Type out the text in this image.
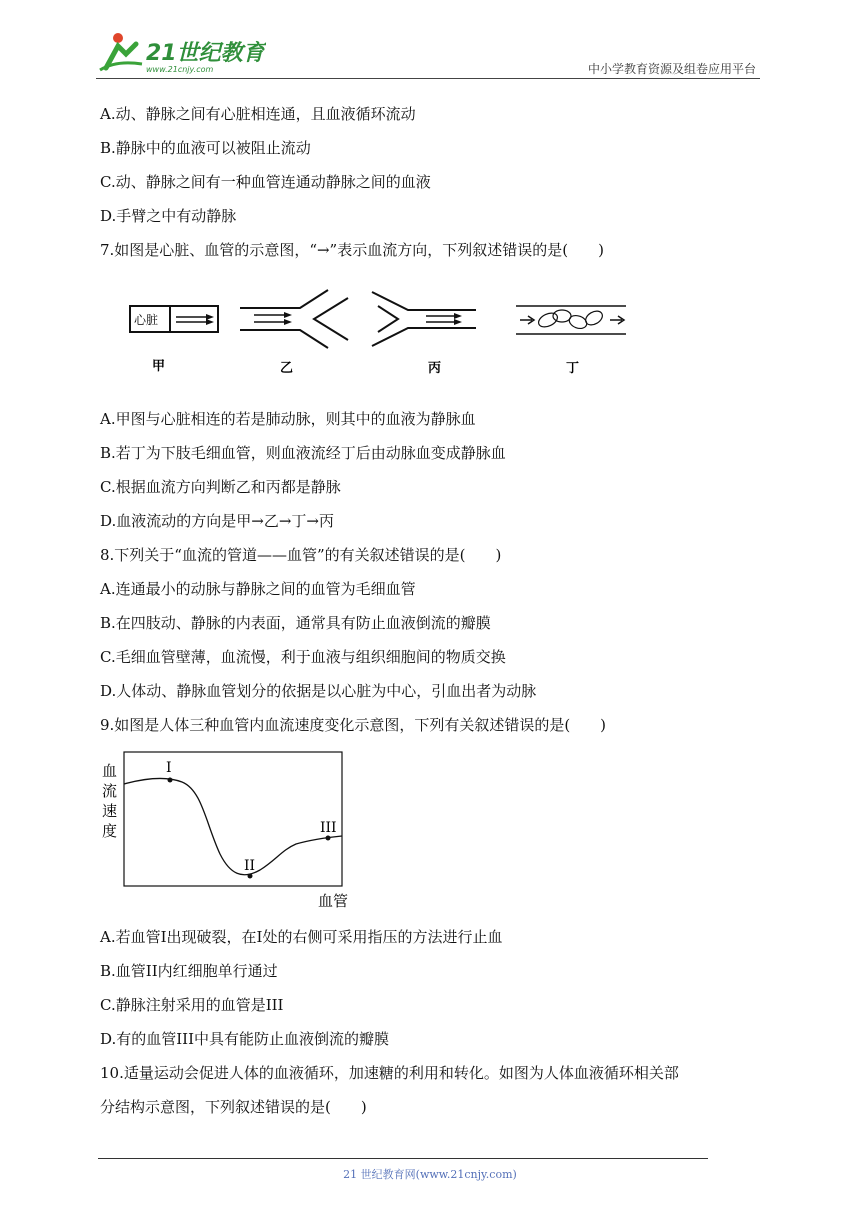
21世纪教育
www.21cnjy.com	中小学教育资源及组卷应用平台
A.动、静脉之间有心脏相连通，且血液循环流动
B.静脉中的血液可以被阻止流动
C.动、静脉之间有一种血管连通动静脉之间的血液
D.手臂之中有动静脉
7.如图是心脏、血管的示意图，“→”表示血流方向，下列叙述错误的是(　　)
心脏
甲	乙	丙	丁
A.甲图与心脏相连的若是肺动脉，则其中的血液为静脉血
B.若丁为下肢毛细血管，则血液流经丁后由动脉血变成静脉血
C.根据血流方向判断乙和丙都是静脉
D.血液流动的方向是甲→乙→丁→丙
8.下列关于“血流的管道——血管”的有关叙述错误的是(　　)
A.连通最小的动脉与静脉之间的血管为毛细血管
B.在四肢动、静脉的内表面，通常具有防止血液倒流的瓣膜
C.毛细血管壁薄，血流慢，利于血液与组织细胞间的物质交换
D.人体动、静脉血管划分的依据是以心脏为中心，引血出者为动脉
9.如图是人体三种血管内血流速度变化示意图，下列有关叙述错误的是(　　)
血
流
速
度
I
II
III
血管
A.若血管I出现破裂，在I处的右侧可采用指压的方法进行止血
B.血管II内红细胞单行通过
C.静脉注射采用的血管是III
D.有的血管III中具有能防止血液倒流的瓣膜
10.适量运动会促进人体的血液循环，加速糖的利用和转化。如图为人体血液循环相关部
分结构示意图，下列叙述错误的是(　　)
21 世纪教育网(www.21cnjy.com)
